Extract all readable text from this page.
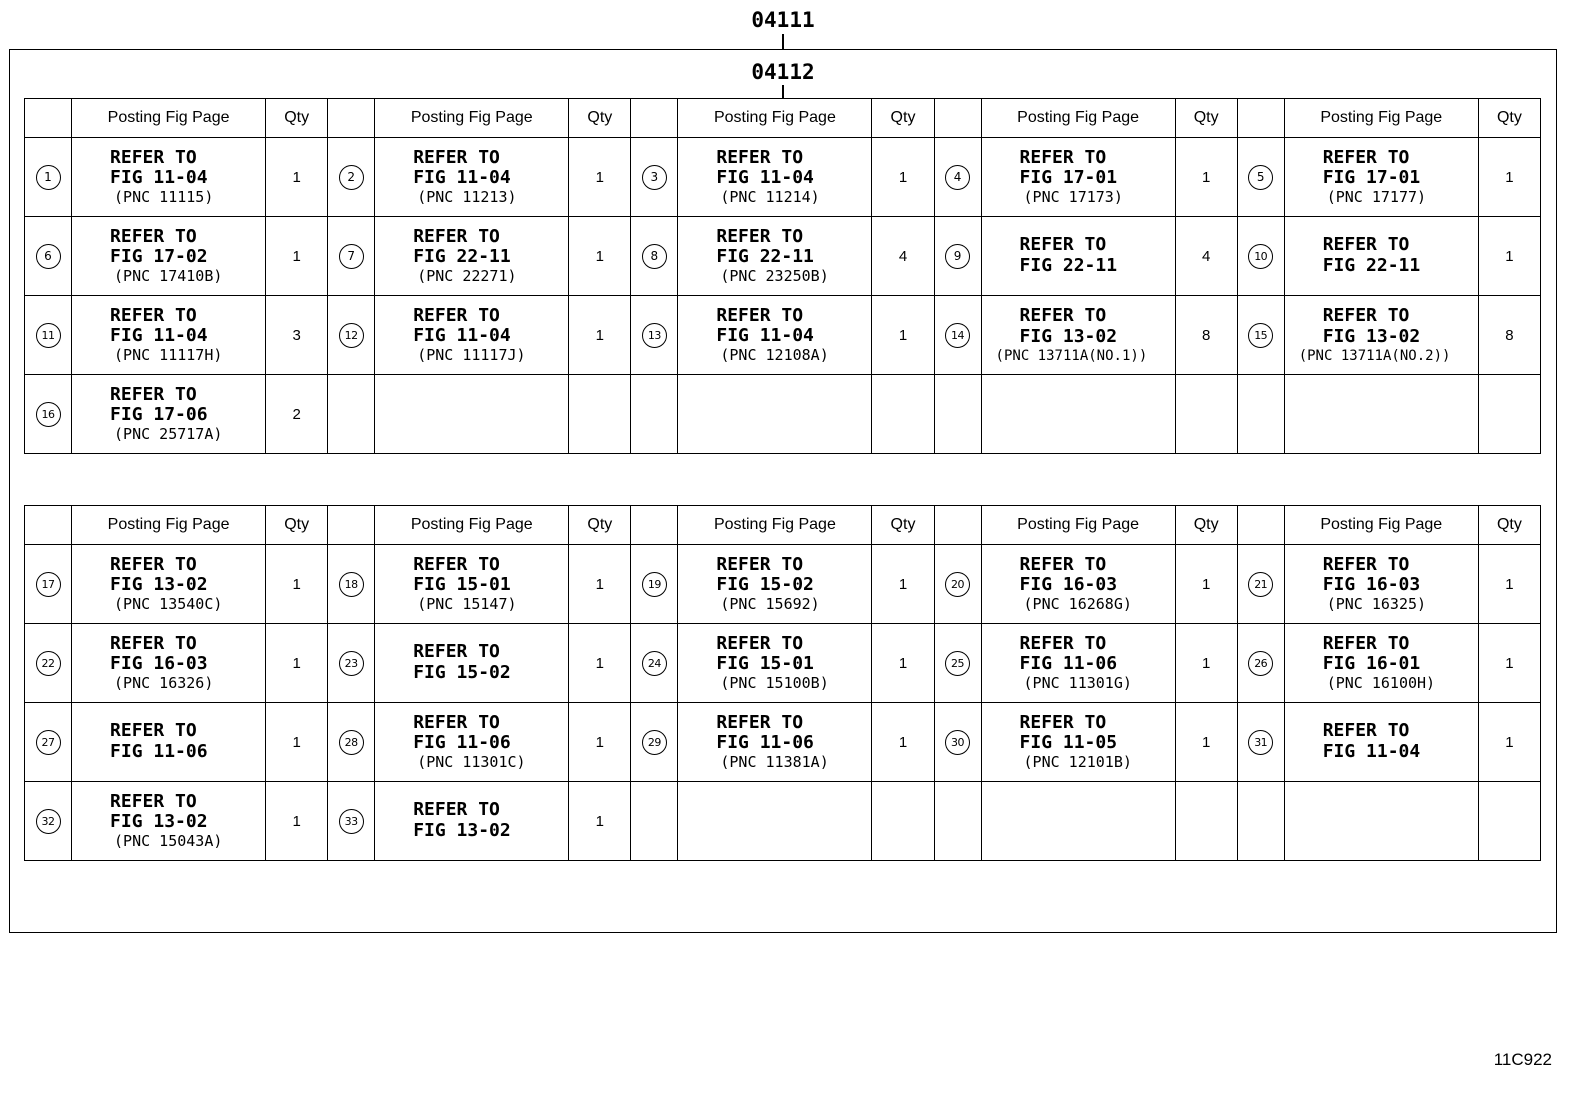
04111
04112
	Posting Fig Page	Qty		Posting Fig Page	Qty		Posting Fig Page	Qty		Posting Fig Page	Qty		Posting Fig Page	Qty
1	REFER TO
FIG 11-04
(PNC 11115)	1	2	REFER TO
FIG 11-04
(PNC 11213)	1	3	REFER TO
FIG 11-04
(PNC 11214)	1	4	REFER TO
FIG 17-01
(PNC 17173)	1	5	REFER TO
FIG 17-01
(PNC 17177)	1
6	REFER TO
FIG 17-02
(PNC 17410B)	1	7	REFER TO
FIG 22-11
(PNC 22271)	1	8	REFER TO
FIG 22-11
(PNC 23250B)	4	9	REFER TO
FIG 22-11	4	10	REFER TO
FIG 22-11	1
11	REFER TO
FIG 11-04
(PNC 11117H)	3	12	REFER TO
FIG 11-04
(PNC 11117J)	1	13	REFER TO
FIG 11-04
(PNC 12108A)	1	14	REFER TO
FIG 13-02
(PNC 13711A(NO.1))	8	15	REFER TO
FIG 13-02
(PNC 13711A(NO.2))	8
16	REFER TO
FIG 17-06
(PNC 25717A)	2												
	Posting Fig Page	Qty		Posting Fig Page	Qty		Posting Fig Page	Qty		Posting Fig Page	Qty		Posting Fig Page	Qty
17	REFER TO
FIG 13-02
(PNC 13540C)	1	18	REFER TO
FIG 15-01
(PNC 15147)	1	19	REFER TO
FIG 15-02
(PNC 15692)	1	20	REFER TO
FIG 16-03
(PNC 16268G)	1	21	REFER TO
FIG 16-03
(PNC 16325)	1
22	REFER TO
FIG 16-03
(PNC 16326)	1	23	REFER TO
FIG 15-02	1	24	REFER TO
FIG 15-01
(PNC 15100B)	1	25	REFER TO
FIG 11-06
(PNC 11301G)	1	26	REFER TO
FIG 16-01
(PNC 16100H)	1
27	REFER TO
FIG 11-06	1	28	REFER TO
FIG 11-06
(PNC 11301C)	1	29	REFER TO
FIG 11-06
(PNC 11381A)	1	30	REFER TO
FIG 11-05
(PNC 12101B)	1	31	REFER TO
FIG 11-04	1
32	REFER TO
FIG 13-02
(PNC 15043A)	1	33	REFER TO
FIG 13-02	1									
11C922
